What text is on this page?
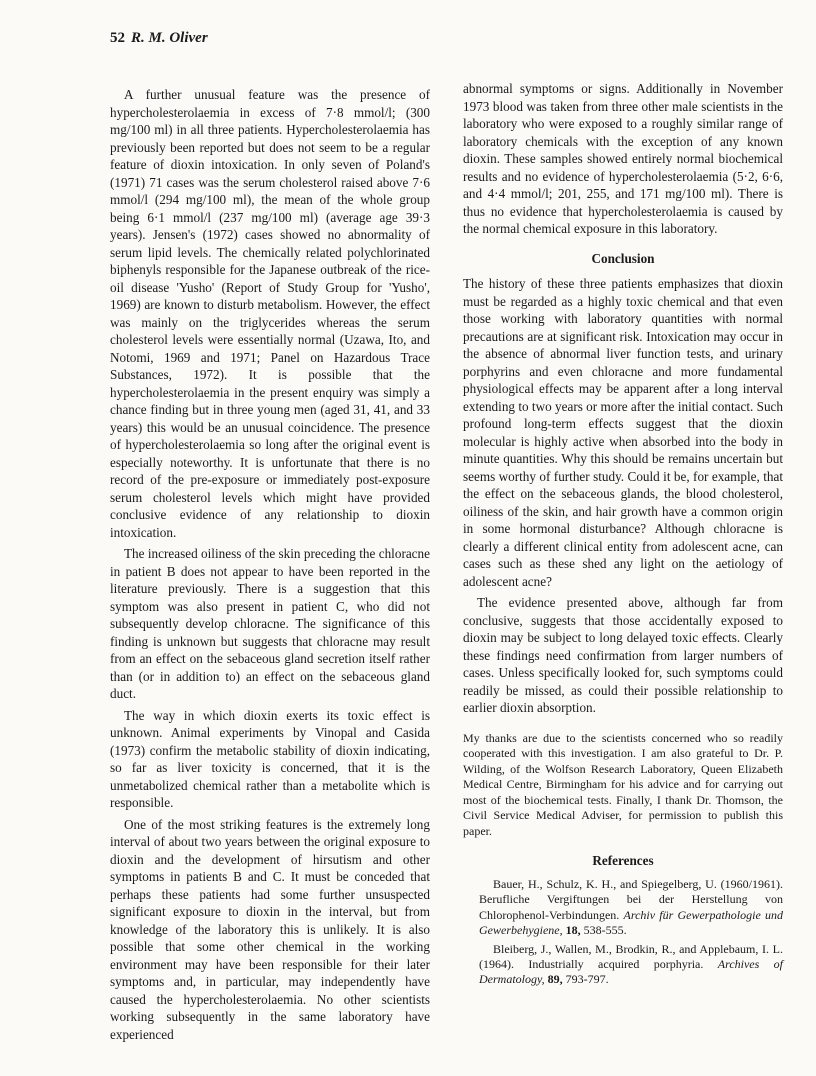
52 R. M. Oliver

A further unusual feature was the presence of hypercholesterolaemia in excess of 7·8 mmol/l; (300 mg/100 ml) in all three patients. Hypercholesterolaemia has previously been reported but does not seem to be a regular feature of dioxin intoxication. In only seven of Poland's (1971) 71 cases was the serum cholesterol raised above 7·6 mmol/l (294 mg/100 ml), the mean of the whole group being 6·1 mmol/l (237 mg/100 ml) (average age 39·3 years). Jensen's (1972) cases showed no abnormality of serum lipid levels. The chemically related polychlorinated biphenyls responsible for the Japanese outbreak of the rice-oil disease 'Yusho' (Report of Study Group for 'Yusho', 1969) are known to disturb metabolism. However, the effect was mainly on the triglycerides whereas the serum cholesterol levels were essentially normal (Uzawa, Ito, and Notomi, 1969 and 1971; Panel on Hazardous Trace Substances, 1972). It is possible that the hypercholesterolaemia in the present enquiry was simply a chance finding but in three young men (aged 31, 41, and 33 years) this would be an unusual coincidence. The presence of hypercholesterolaemia so long after the original event is especially noteworthy. It is unfortunate that there is no record of the pre-exposure or immediately post-exposure serum cholesterol levels which might have provided conclusive evidence of any relationship to dioxin intoxication.

The increased oiliness of the skin preceding the chloracne in patient B does not appear to have been reported in the literature previously. There is a suggestion that this symptom was also present in patient C, who did not subsequently develop chloracne. The significance of this finding is unknown but suggests that chloracne may result from an effect on the sebaceous gland secretion itself rather than (or in addition to) an effect on the sebaceous gland duct.

The way in which dioxin exerts its toxic effect is unknown. Animal experiments by Vinopal and Casida (1973) confirm the metabolic stability of dioxin indicating, so far as liver toxicity is concerned, that it is the unmetabolized chemical rather than a metabolite which is responsible.

One of the most striking features is the extremely long interval of about two years between the original exposure to dioxin and the development of hirsutism and other symptoms in patients B and C. It must be conceded that perhaps these patients had some further unsuspected significant exposure to dioxin in the interval, but from knowledge of the laboratory this is unlikely. It is also possible that some other chemical in the working environment may have been responsible for their later symptoms and, in particular, may independently have caused the hypercholesterolaemia. No other scientists working subsequently in the same laboratory have experienced

abnormal symptoms or signs. Additionally in November 1973 blood was taken from three other male scientists in the laboratory who were exposed to a roughly similar range of laboratory chemicals with the exception of any known dioxin. These samples showed entirely normal biochemical results and no evidence of hypercholesterolaemia (5·2, 6·6, and 4·4 mmol/l; 201, 255, and 171 mg/100 ml). There is thus no evidence that hypercholesterolaemia is caused by the normal chemical exposure in this laboratory.

Conclusion

The history of these three patients emphasizes that dioxin must be regarded as a highly toxic chemical and that even those working with laboratory quantities with normal precautions are at significant risk. Intoxication may occur in the absence of abnormal liver function tests, and urinary porphyrins and even chloracne and more fundamental physiological effects may be apparent after a long interval extending to two years or more after the initial contact. Such profound long-term effects suggest that the dioxin molecular is highly active when absorbed into the body in minute quantities. Why this should be remains uncertain but seems worthy of further study. Could it be, for example, that the effect on the sebaceous glands, the blood cholesterol, oiliness of the skin, and hair growth have a common origin in some hormonal disturbance? Although chloracne is clearly a different clinical entity from adolescent acne, can cases such as these shed any light on the aetiology of adolescent acne?

The evidence presented above, although far from conclusive, suggests that those accidentally exposed to dioxin may be subject to long delayed toxic effects. Clearly these findings need confirmation from larger numbers of cases. Unless specifically looked for, such symptoms could readily be missed, as could their possible relationship to earlier dioxin absorption.

My thanks are due to the scientists concerned who so readily cooperated with this investigation. I am also grateful to Dr. P. Wilding, of the Wolfson Research Laboratory, Queen Elizabeth Medical Centre, Birmingham for his advice and for carrying out most of the biochemical tests. Finally, I thank Dr. Thomson, the Civil Service Medical Adviser, for permission to publish this paper.

References

Bauer, H., Schulz, K. H., and Spiegelberg, U. (1960/1961). Berufliche Vergiftungen bei der Herstellung von Chlorophenol-Verbindungen. Archiv für Gewerpathologie und Gewerbehygiene, 18, 538-555.

Bleiberg, J., Wallen, M., Brodkin, R., and Applebaum, I. L. (1964). Industrially acquired porphyria. Archives of Dermatology, 89, 793-797.
